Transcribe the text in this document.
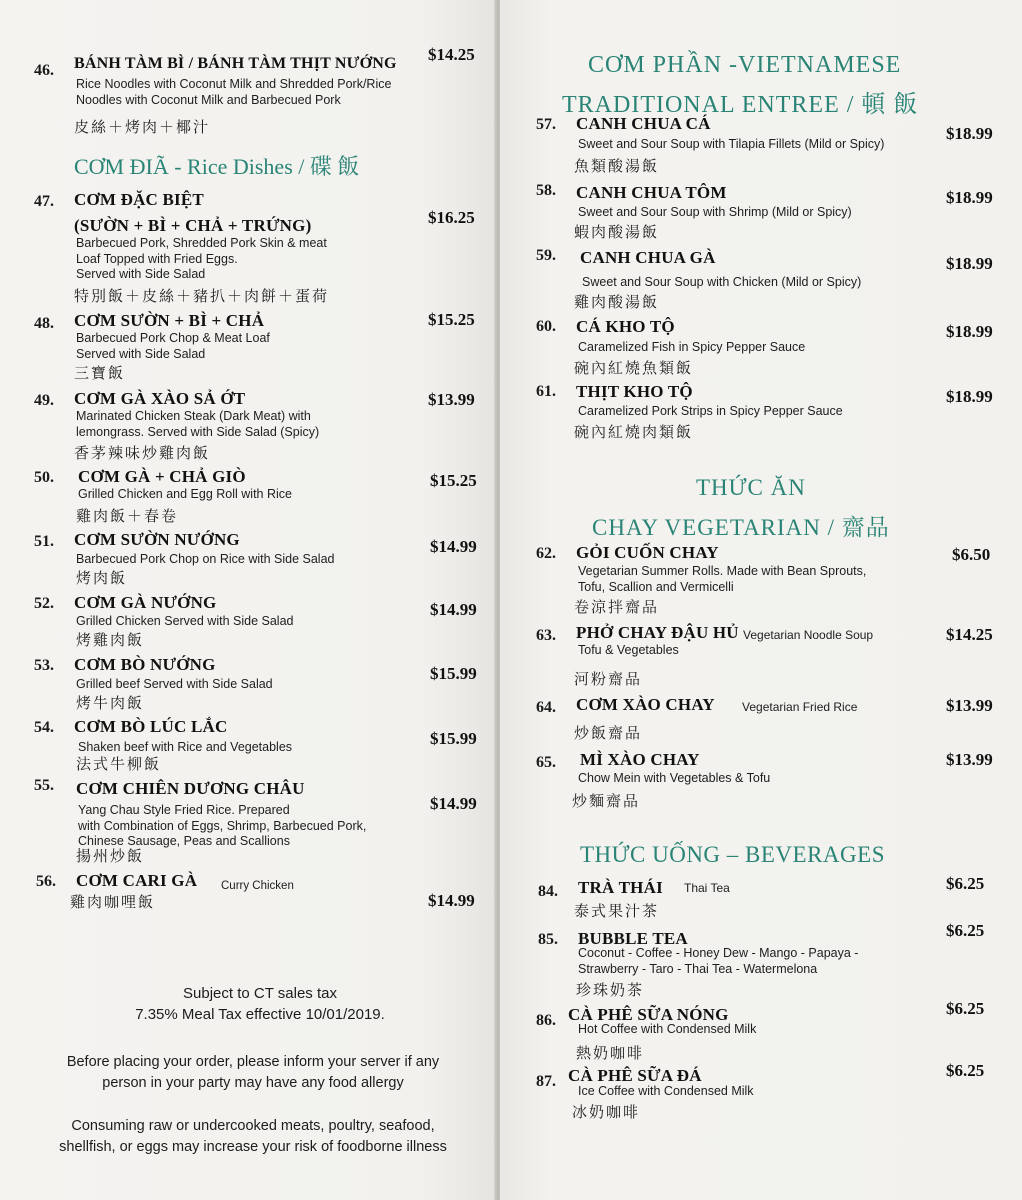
46. BÁNH TÀM BÌ / BÁNH TÀM THỊT NƯỚNG $14.25
Rice Noodles with Coconut Milk and Shredded Pork/Rice
Noodles with Coconut Milk and Barbecued Pork
皮絲＋烤肉＋椰汁
CƠM ĐIÃ - Rice Dishes / 碟 飯
47. CƠM ĐẶC BIỆT
(SƯỜN + BÌ + CHẢ + TRỨNG)	$16.25
Barbecued Pork, Shredded Pork Skin & meat
Loaf Topped with Fried Eggs.
Served with Side Salad
特別飯＋皮絲＋豬扒＋肉餅＋蛋荷
48. CƠM SƯỜN + BÌ + CHẢ	$15.25
Barbecued Pork Chop & Meat Loaf
Served with Side Salad
三寶飯
49. CƠM GÀ XÀO SẢ ỚT	$13.99
Marinated Chicken Steak (Dark Meat) with
lemongrass. Served with Side Salad (Spicy)
香茅辣味炒雞肉飯
50. CƠM GÀ + CHẢ GIÒ	$15.25
Grilled Chicken and Egg Roll with Rice
雞肉飯＋春卷
51. CƠM SƯỜN NƯỚNG	$14.99
Barbecued Pork Chop on Rice with Side Salad
烤肉飯
52. CƠM GÀ NƯỚNG	$14.99
Grilled Chicken Served with Side Salad
烤雞肉飯
53. CƠM BÒ NƯỚNG	$15.99
Grilled beef Served with Side Salad
烤牛肉飯
54. CƠM BÒ LÚC LẮC
$15.99
Shaken beef with Rice and Vegetables
法式牛柳飯
55. CƠM CHIÊN DƯƠNG CHÂU
$14.99
Yang Chau Style Fried Rice. Prepared
with Combination of Eggs, Shrimp, Barbecued Pork,
Chinese Sausage, Peas and Scallions
揚州炒飯
56. CƠM CARI GÀ Curry Chicken
$14.99
雞肉咖哩飯
Subject to CT sales tax
7.35% Meal Tax effective 10/01/2019.
Before placing your order, please inform your server if any
person in your party may have any food allergy
Consuming raw or undercooked meats, poultry, seafood,
shellfish, or eggs may increase your risk of foodborne illness
CƠM PHẦN -VIETNAMESE
TRADITIONAL ENTREE / 頓 飯
57. CANH CHUA CÁ
$18.99
Sweet and Sour Soup with Tilapia Fillets (Mild or Spicy)
魚類酸湯飯
58. CANH CHUA TÔM	$18.99
Sweet and Sour Soup with Shrimp (Mild or Spicy)
蝦肉酸湯飯
59. CANH CHUA GÀ	$18.99
Sweet and Sour Soup with Chicken (Mild or Spicy)
雞肉酸湯飯
60. CÁ KHO TỘ	$18.99
Caramelized Fish in Spicy Pepper Sauce
碗內紅燒魚類飯
61. THỊT KHO TỘ	$18.99
Caramelized Pork Strips in Spicy Pepper Sauce
碗內紅燒肉類飯
THỨC ĂN
CHAY VEGETARIAN / 齋品
62. GỎI CUỐN CHAY	$6.50
Vegetarian Summer Rolls. Made with Bean Sprouts,
Tofu, Scallion and Vermicelli
卷涼拌齋品
63. PHỞ CHAY ĐẬU HỦ Vegetarian Noodle Soup	$14.25
Tofu & Vegetables
河粉齋品
64. CƠM XÀO CHAY Vegetarian Fried Rice	$13.99
炒飯齋品
65. MÌ XÀO CHAY	$13.99
Chow Mein with Vegetables & Tofu
炒麵齋品
THỨC UỐNG – BEVERAGES
84. TRÀ THÁI Thai Tea	$6.25
泰式果汁茶
85. BUBBLE TEA	$6.25
Coconut - Coffee - Honey Dew - Mango - Papaya -
Strawberry - Taro - Thai Tea - Watermelona
珍珠奶茶
86. CÀ PHÊ SỮA NÓNG	$6.25
Hot Coffee with Condensed Milk
熱奶咖啡
87. CÀ PHÊ SỮA ĐÁ	$6.25
Ice Coffee with Condensed Milk
冰奶咖啡
